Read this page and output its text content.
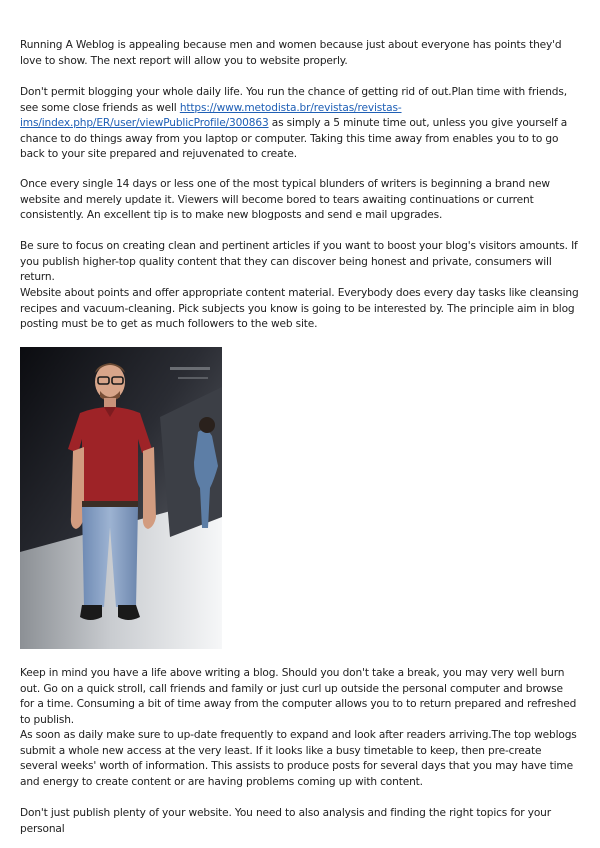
Running A Weblog is appealing because men and women because just about everyone has points they'd love to show. The next report will allow you to website properly.

Don't permit blogging your whole daily life. You run the chance of getting rid of out.Plan time with friends, see some close friends as well https://www.metodista.br/revistas/revistas-ims/index.php/ER/user/viewPublicProfile/300863 as simply a 5 minute time out, unless you give yourself a chance to do things away from you laptop or computer. Taking this time away from enables you to to go back to your site prepared and rejuvenated to create.

Once every single 14 days or less one of the most typical blunders of writers is beginning a brand new website and merely update it. Viewers will become bored to tears awaiting continuations or current consistently. An excellent tip is to make new blogposts and send e mail upgrades.

Be sure to focus on creating clean and pertinent articles if you want to boost your blog's visitors amounts. If you publish higher-top quality content that they can discover being honest and private, consumers will return.

Website about points and offer appropriate content material. Everybody does every day tasks like cleansing recipes and vacuum-cleaning. Pick subjects you know is going to be interested by. The principle aim in blog posting must be to get as much followers to the web site.

Keep in mind you have a life above writing a blog. Should you don't take a break, you may very well burn out. Go on a quick stroll, call friends and family or just curl up outside the personal computer and browse for a time. Consuming a bit of time away from the computer allows you to to return prepared and refreshed to publish.

As soon as daily make sure to up-date frequently to expand and look after readers arriving.The top weblogs submit a whole new access at the very least. If it looks like a busy timetable to keep, then pre-create several weeks' worth of information. This assists to produce posts for several days that you may have time and energy to create content or are having problems coming up with content.

Don't just publish plenty of your website. You need to also analysis and finding the right topics for your personal
